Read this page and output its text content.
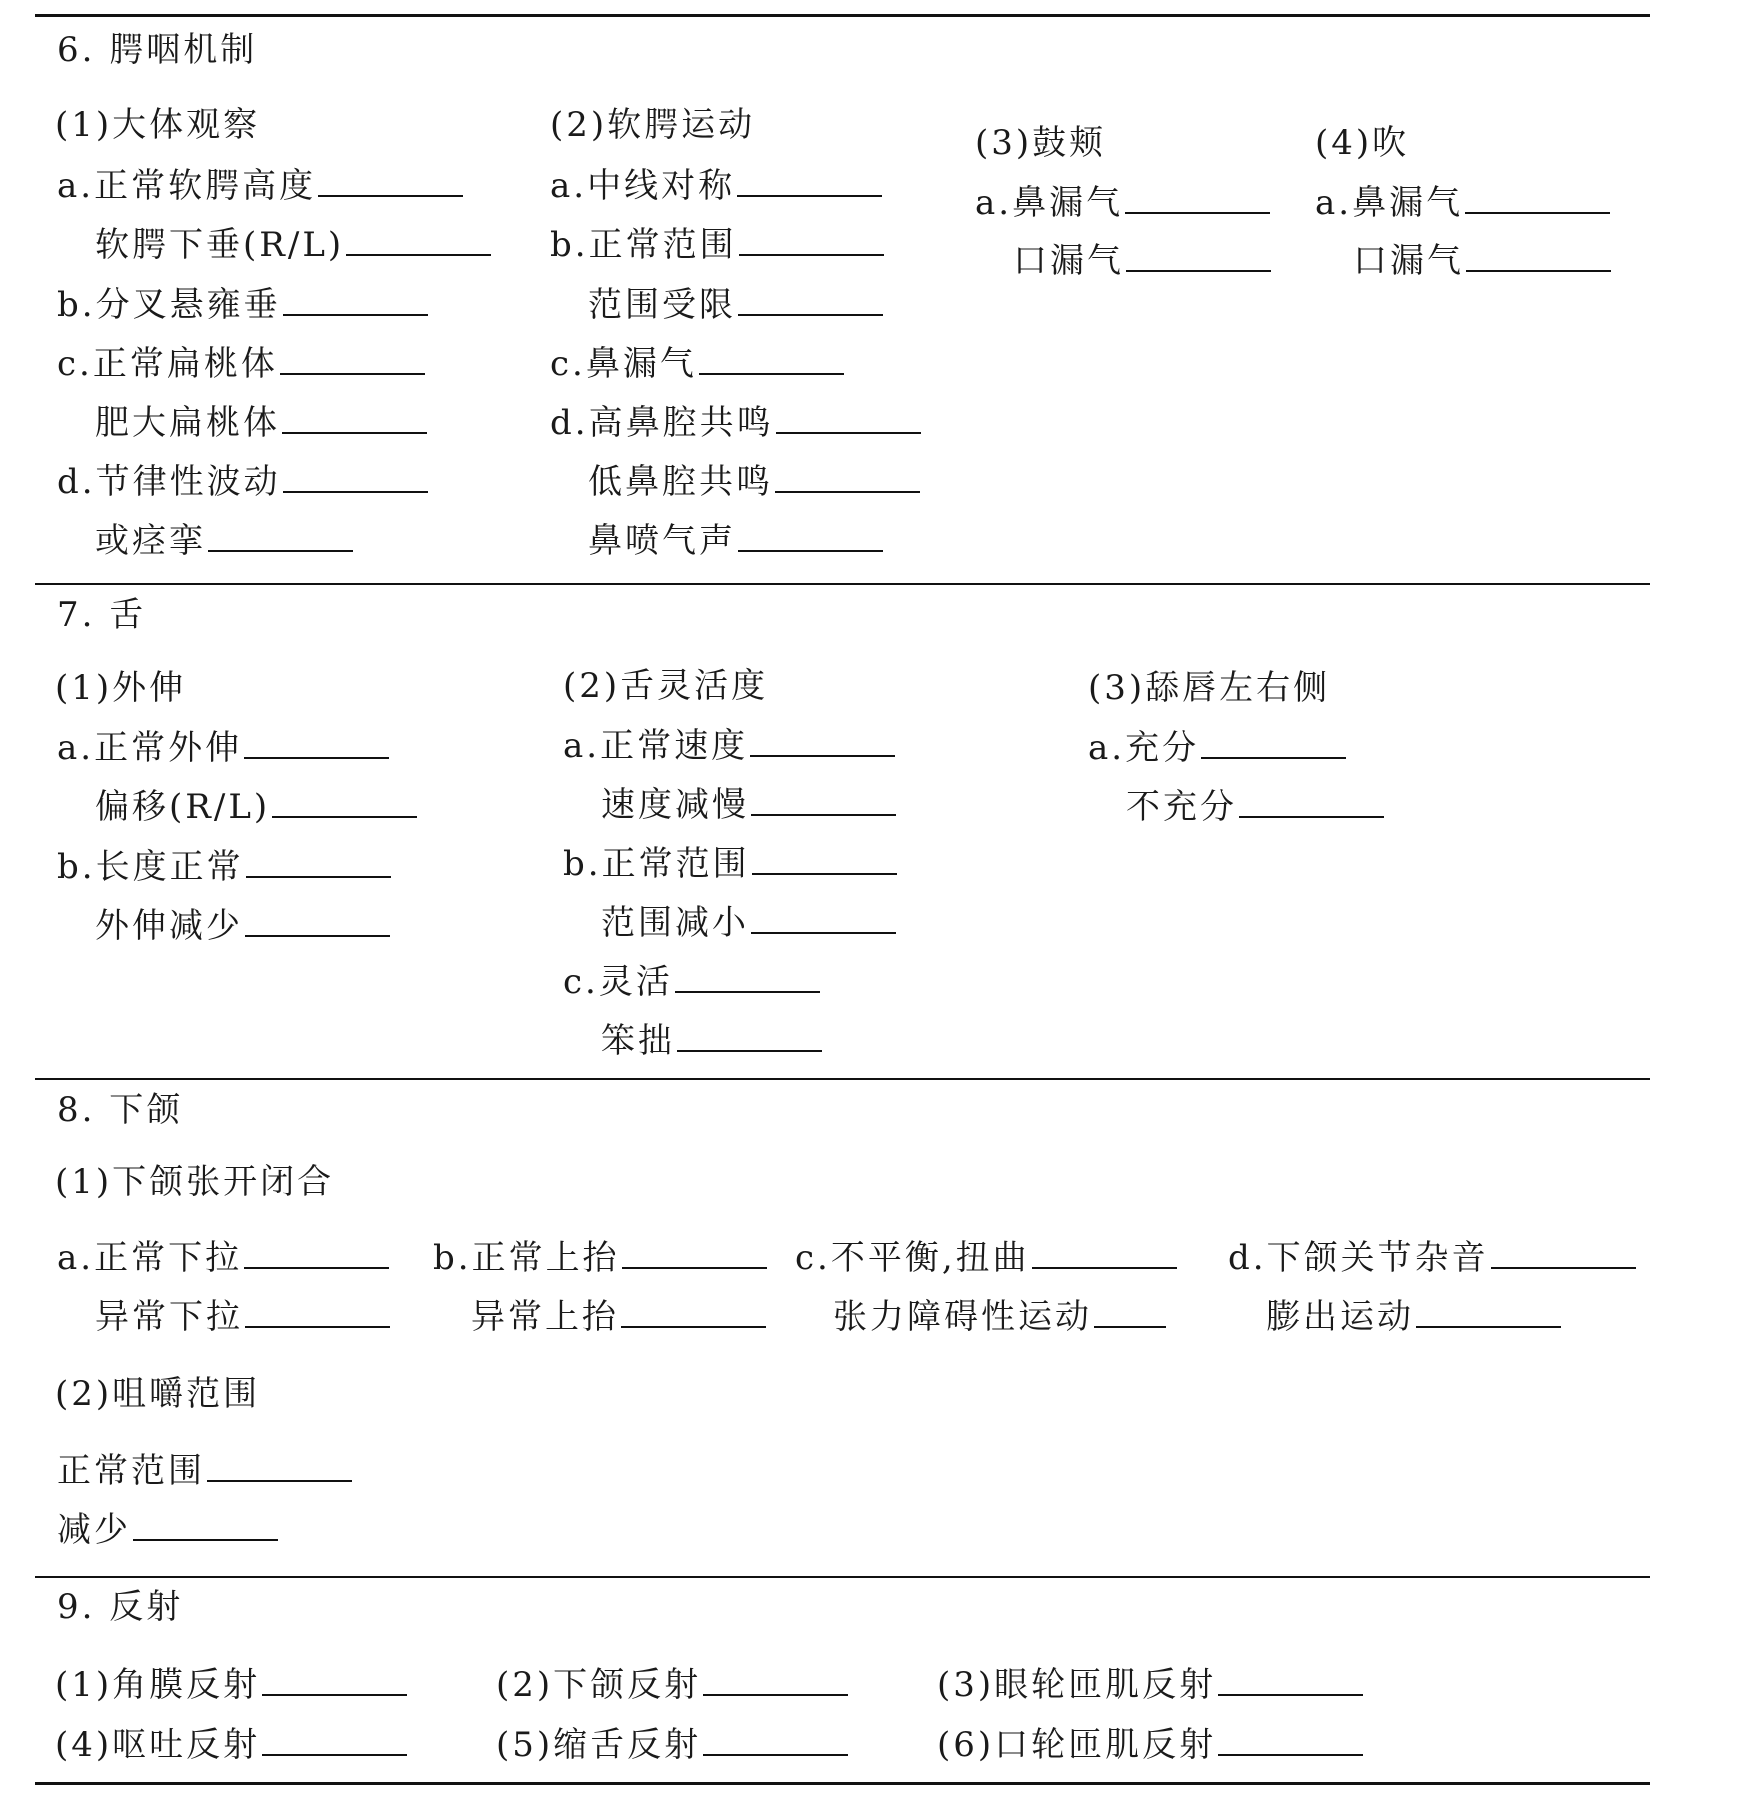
6. 腭咽机制
(1)大体观察
a.正常软腭高度
软腭下垂(R/L)
b.分叉悬雍垂
c.正常扁桃体
肥大扁桃体
d.节律性波动
或痉挛
(2)软腭运动
a.中线对称
b.正常范围
范围受限
c.鼻漏气
d.高鼻腔共鸣
低鼻腔共鸣
鼻喷气声
(3)鼓颊
a.鼻漏气
口漏气
(4)吹
a.鼻漏气
口漏气
7. 舌
(1)外伸
a.正常外伸
偏移(R/L)
b.长度正常
外伸减少
(2)舌灵活度
a.正常速度
速度减慢
b.正常范围
范围减小
c.灵活
笨拙
(3)舔唇左右侧
a.充分
不充分
8. 下颌
(1)下颌张开闭合
a.正常下拉
异常下拉
b.正常上抬
异常上抬
c.不平衡,扭曲
张力障碍性运动
d.下颌关节杂音
膨出运动
(2)咀嚼范围
正常范围
减少
9. 反射
(1)角膜反射	(2)下颌反射	(3)眼轮匝肌反射
(4)呕吐反射	(5)缩舌反射	(6)口轮匝肌反射
